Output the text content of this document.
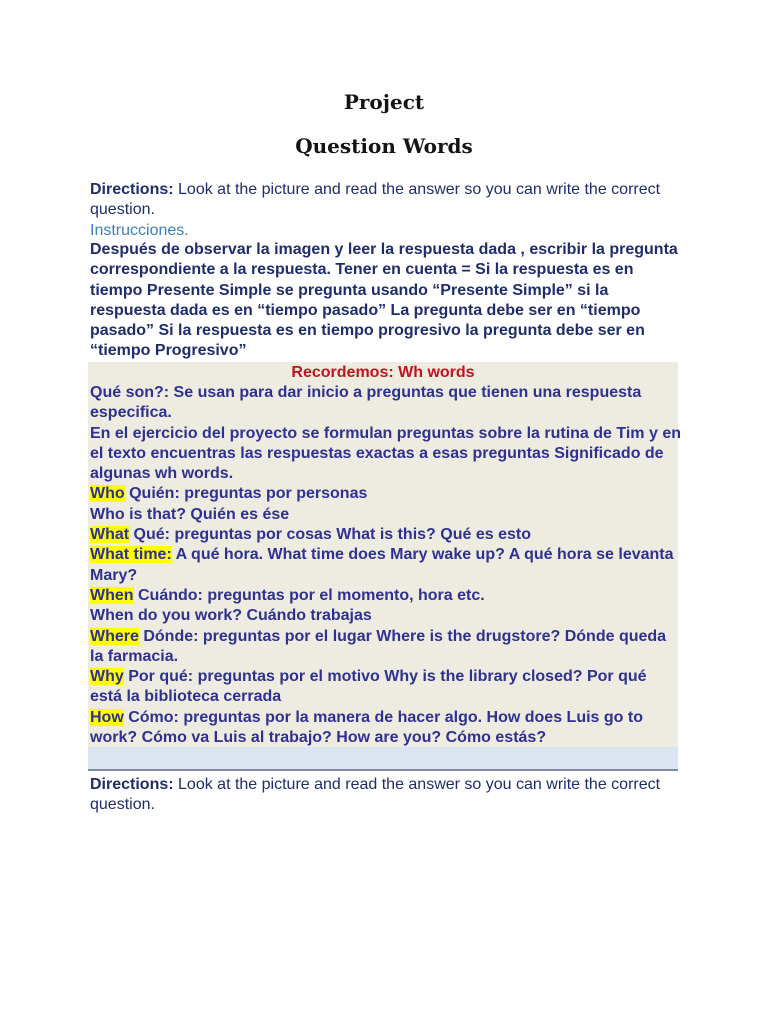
Project
Question Words

Directions: Look at the picture and read the answer so you can write the correct question.

Instrucciones.

Después de observar la imagen y leer la respuesta dada , escribir la pregunta correspondiente a la respuesta. Tener en cuenta = Si la respuesta es en tiempo Presente Simple se pregunta usando “Presente Simple” si la respuesta dada es en “tiempo pasado” La pregunta debe ser en “tiempo pasado” Si la respuesta es en tiempo progresivo la pregunta debe ser en “tiempo Progresivo”

Recordemos: Wh words

Qué son?: Se usan para dar inicio a preguntas que tienen una respuesta especifica.
En el ejercicio del proyecto se formulan preguntas sobre la rutina de Tim y en el texto encuentras las respuestas exactas a esas preguntas Significado de algunas wh words.
Who Quién: preguntas por personas
Who is that? Quién es ése
What Qué: preguntas por cosas What is this? Qué es esto
What time: A qué hora. What time does Mary wake up? A qué hora se levanta Mary?
When Cuándo: preguntas por el momento, hora etc.
When do you work? Cuándo trabajas
Where Dónde: preguntas por el lugar Where is the drugstore? Dónde queda la farmacia.
Why Por qué: preguntas por el motivo Why is the library closed? Por qué está la biblioteca cerrada
How Cómo: preguntas por la manera de hacer algo. How does Luis go to work? Cómo va Luis al trabajo? How are you? Cómo estás?

Directions: Look at the picture and read the answer so you can write the correct question.
